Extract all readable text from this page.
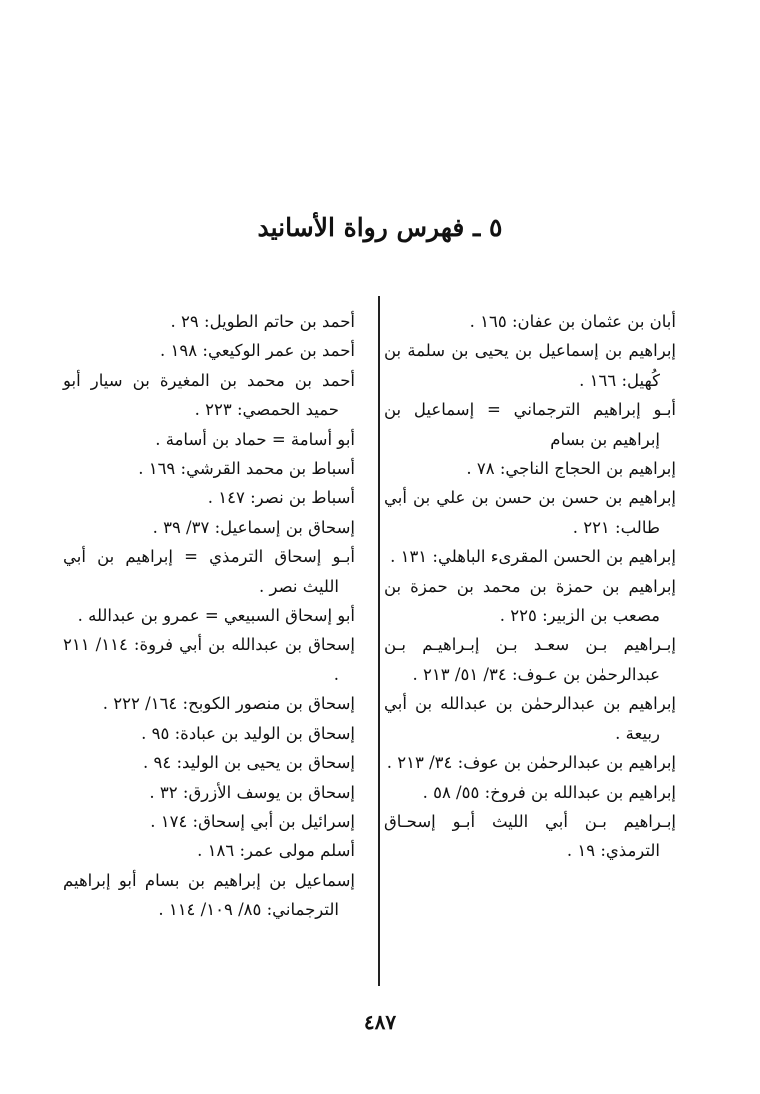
٥ ـ فهرس رواة الأسانيد
أبان بن عثمان بن عفان: ١٦٥ .
إبراهيم بن إسماعيل بن يحيى بن سلمة بن كُهيل: ١٦٦ .
أبـو إبراهيم الترجماني = إسماعيل بن إبراهيم بن بسام
إبراهيم بن الحجاج الناجي: ٧٨ .
إبراهيم بن حسن بن حسن بن علي بن أبي طالب: ٢٢١ .
إبراهيم بن الحسن المقرىء الباهلي: ١٣١ .
إبراهيم بن حمزة بن محمد بن حمزة بن مصعب بن الزبير: ٢٢٥ .
إبـراهيم بـن سعـد بـن إبـراهيـم بـن عبدالرحمٰن بن عـوف: ٣٤/ ٥١/ ٢١٣ .
إبراهيم بن عبدالرحمٰن بن عبدالله بن أبي ربيعة .
إبراهيم بن عبدالرحمٰن بن عوف: ٣٤/ ٢١٣ .
إبراهيم بن عبدالله بن فروخ: ٥٥/ ٥٨ .
إبـراهيم بـن أبي الليث أبـو إسحـاق الترمذي: ١٩ .
أحمد بن حاتم الطويل: ٢٩ .
أحمد بن عمر الوكيعي: ١٩٨ .
أحمد بن محمد بن المغيرة بن سيار أبو حميد الحمصي: ٢٢٣ .
أبو أسامة = حماد بن أسامة .
أسباط بن محمد القرشي: ١٦٩ .
أسباط بن نصر: ١٤٧ .
إسحاق بن إسماعيل: ٣٧/ ٣٩ .
أبـو إسحاق الترمذي = إبراهيم بن أبي الليث نصر .
أبو إسحاق السبيعي = عمرو بن عبدالله .
إسحاق بن عبدالله بن أبي فروة: ١١٤/ ٢١١ .
إسحاق بن منصور الكوبح: ١٦٤/ ٢٢٢ .
إسحاق بن الوليد بن عبادة: ٩٥ .
إسحاق بن يحيى بن الوليد: ٩٤ .
إسحاق بن يوسف الأزرق: ٣٢ .
إسرائيل بن أبي إسحاق: ١٧٤ .
أسلم مولى عمر: ١٨٦ .
إسماعيل بن إبراهيم بن بسام أبو إبراهيم الترجماني: ٨٥/ ١٠٩/ ١١٤ .
٤٨٧
